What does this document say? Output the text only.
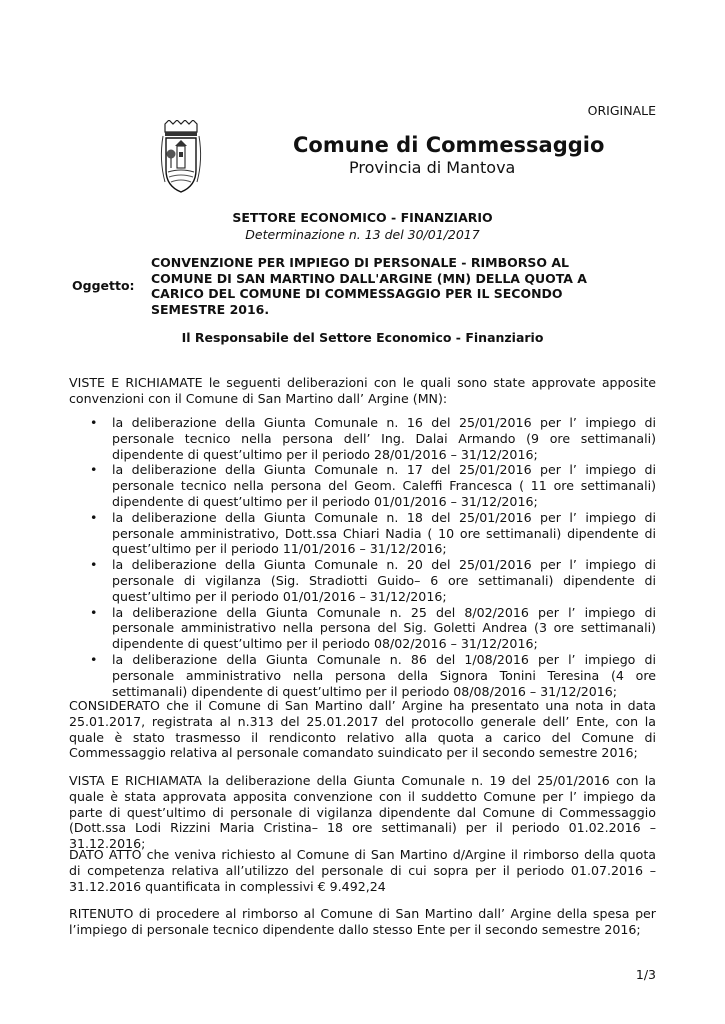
ORIGINALE
Comune di Commessaggio
Provincia di Mantova
SETTORE ECONOMICO - FINANZIARIO
Determinazione n. 13 del 30/01/2017
Oggetto:
CONVENZIONE PER IMPIEGO DI PERSONALE - RIMBORSO AL COMUNE DI SAN MARTINO DALL'ARGINE (MN) DELLA QUOTA A CARICO DEL COMUNE DI COMMESSAGGIO PER IL SECONDO SEMESTRE 2016.
Il Responsabile del Settore Economico - Finanziario
VISTE E RICHIAMATE le seguenti deliberazioni con le quali sono state approvate apposite convenzioni con il Comune di San Martino dall’ Argine (MN):
• la deliberazione della Giunta Comunale n. 16 del 25/01/2016 per l’ impiego di personale tecnico nella persona dell’ Ing. Dalai Armando (9 ore settimanali) dipendente di quest’ultimo per il periodo 28/01/2016 – 31/12/2016;
• la deliberazione della Giunta Comunale n. 17 del 25/01/2016 per l’ impiego di personale tecnico nella persona del Geom. Caleffi Francesca ( 11 ore settimanali) dipendente di quest’ultimo per il periodo 01/01/2016 – 31/12/2016;
• la deliberazione della Giunta Comunale n. 18 del 25/01/2016 per l’ impiego di personale amministrativo, Dott.ssa Chiari Nadia ( 10 ore settimanali) dipendente di quest’ultimo per il periodo 11/01/2016 – 31/12/2016;
• la deliberazione della Giunta Comunale n. 20 del 25/01/2016 per l’ impiego di personale di vigilanza (Sig. Stradiotti Guido– 6 ore settimanali) dipendente di quest’ultimo per il periodo 01/01/2016 – 31/12/2016;
• la deliberazione della Giunta Comunale n. 25 del 8/02/2016 per l’ impiego di personale amministrativo nella persona del Sig. Goletti Andrea (3 ore settimanali) dipendente di quest’ultimo per il periodo 08/02/2016 – 31/12/2016;
• la deliberazione della Giunta Comunale n. 86 del 1/08/2016 per l’ impiego di personale amministrativo nella persona della Signora Tonini Teresina (4 ore settimanali) dipendente di quest’ultimo per il periodo 08/08/2016 – 31/12/2016;
CONSIDERATO che il Comune di San Martino dall’ Argine ha presentato una nota in data 25.01.2017, registrata al n.313 del 25.01.2017 del protocollo generale dell’ Ente, con la quale è stato trasmesso il rendiconto relativo alla quota a carico del Comune di Commessaggio relativa al personale comandato suindicato per il secondo semestre 2016;
VISTA E RICHIAMATA la deliberazione della Giunta Comunale n. 19 del 25/01/2016 con la quale è stata approvata apposita convenzione con il suddetto Comune per l’ impiego da parte di quest’ultimo di personale di vigilanza dipendente dal Comune di Commessaggio (Dott.ssa Lodi Rizzini Maria Cristina– 18 ore settimanali) per il periodo 01.02.2016 – 31.12.2016;
DATO ATTO che veniva richiesto al Comune di San Martino d/Argine il rimborso della quota di competenza relativa all’utilizzo del personale di cui sopra per il periodo 01.07.2016 – 31.12.2016 quantificata in complessivi € 9.492,24
RITENUTO di procedere al rimborso al Comune di San Martino dall’ Argine della spesa per l’impiego di personale tecnico dipendente dallo stesso Ente per il secondo semestre 2016;
1/3
